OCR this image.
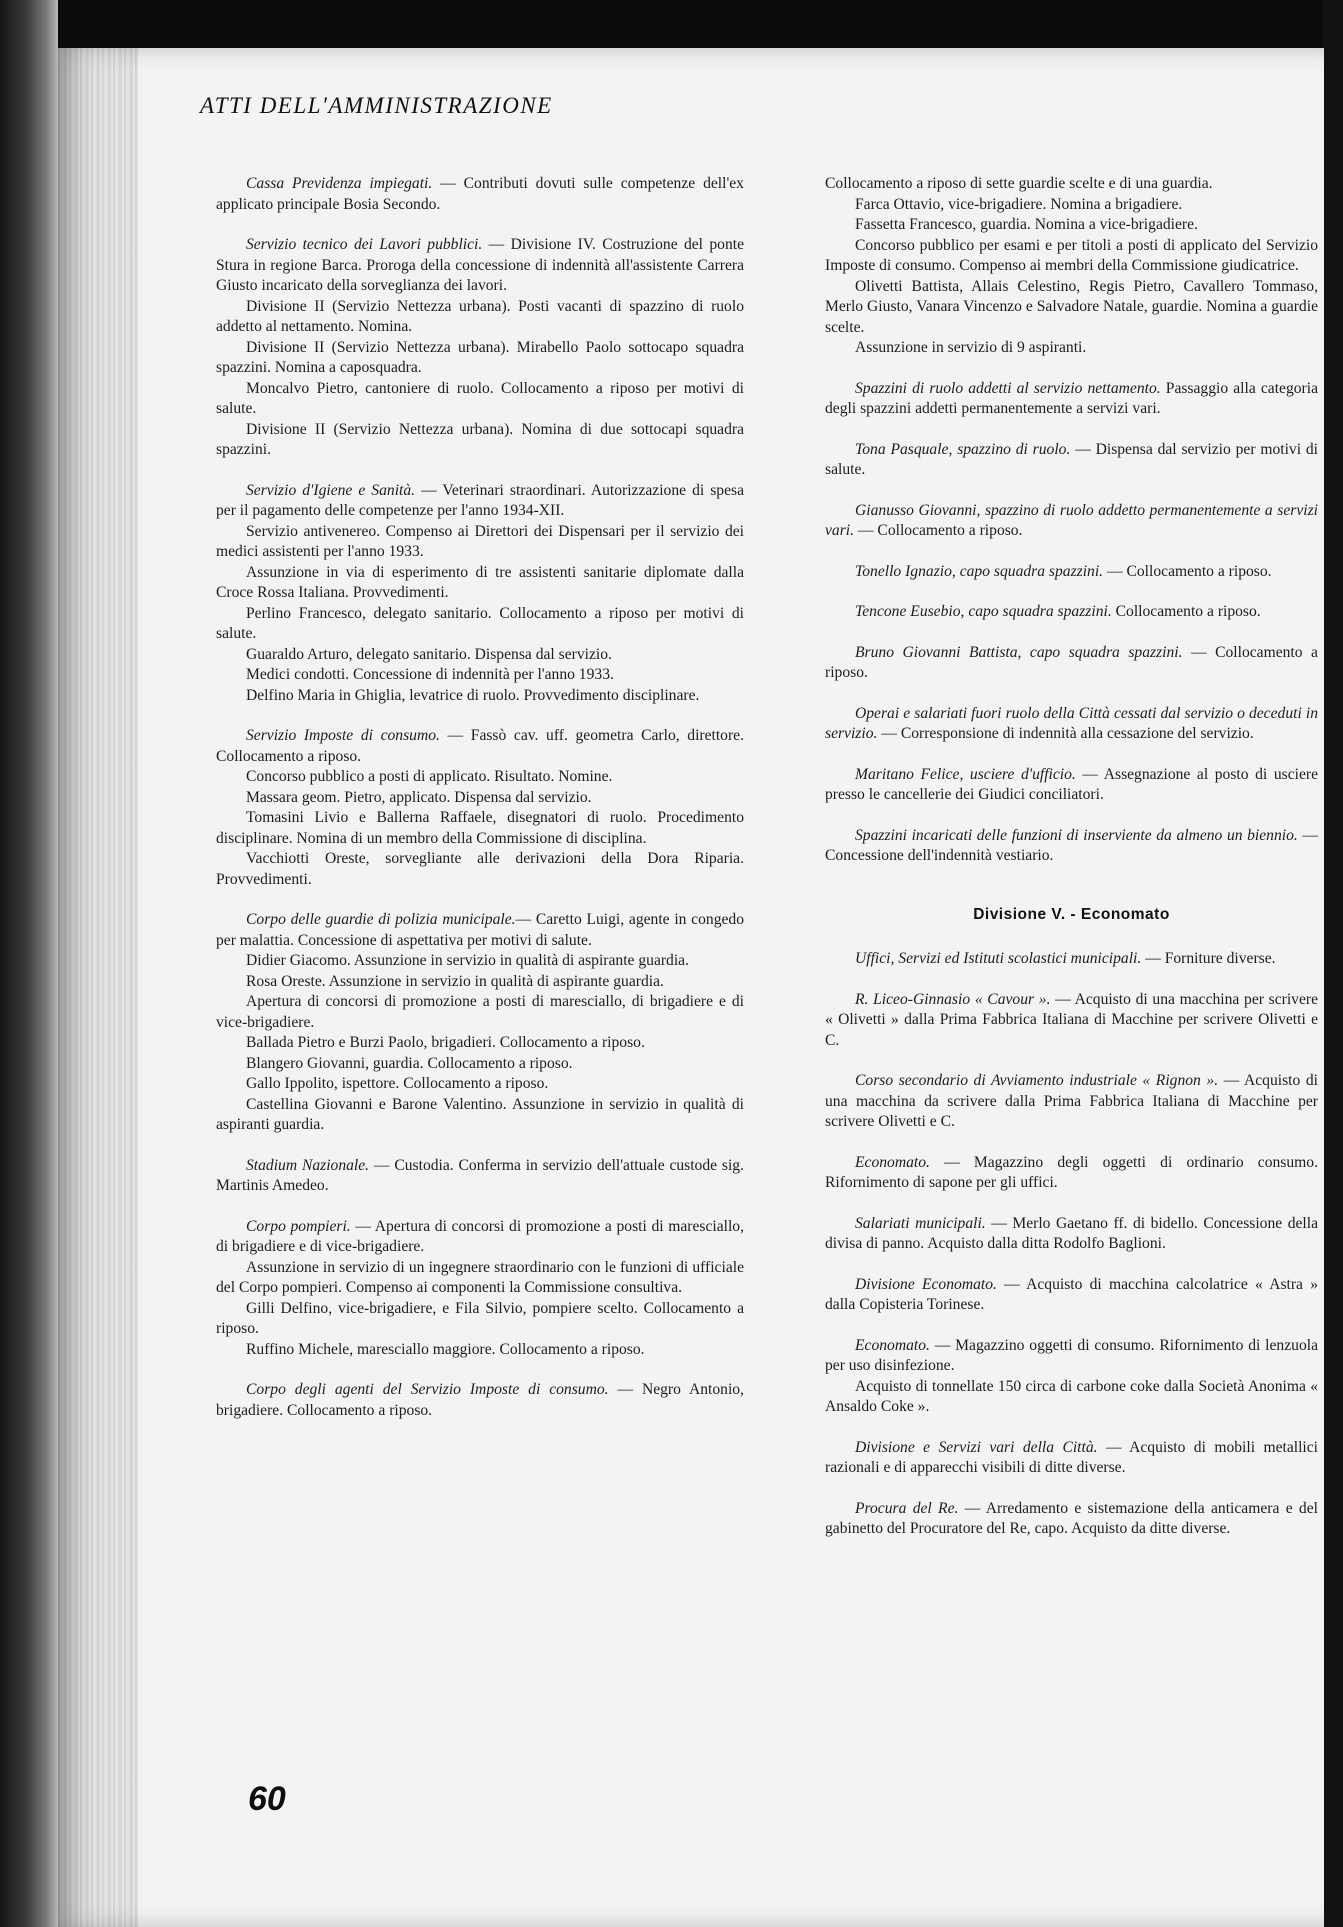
ATTI DELL'AMMINISTRAZIONE

Cassa Previdenza impiegati. — Contributi dovuti sulle competenze dell'ex applicato principale Bosia Secondo.

Servizio tecnico dei Lavori pubblici. — Divisione IV. Costruzione del ponte Stura in regione Barca. Proroga della concessione di indennità all'assistente Carrera Giusto incaricato della sorveglianza dei lavori.

Divisione II (Servizio Nettezza urbana). Posti vacanti di spazzino di ruolo addetto al nettamento. Nomina.

Divisione II (Servizio Nettezza urbana). Mirabello Paolo sottocapo squadra spazzini. Nomina a caposquadra.

Moncalvo Pietro, cantoniere di ruolo. Collocamento a riposo per motivi di salute.

Divisione II (Servizio Nettezza urbana). Nomina di due sottocapi squadra spazzini.

Servizio d'Igiene e Sanità. — Veterinari straordinari. Autorizzazione di spesa per il pagamento delle competenze per l'anno 1934-XII.

Servizio antivenereo. Compenso ai Direttori dei Dispensari per il servizio dei medici assistenti per l'anno 1933.

Assunzione in via di esperimento di tre assistenti sanitarie diplomate dalla Croce Rossa Italiana. Provvedimenti.

Perlino Francesco, delegato sanitario. Collocamento a riposo per motivi di salute.

Guaraldo Arturo, delegato sanitario. Dispensa dal servizio.

Medici condotti. Concessione di indennità per l'anno 1933.

Delfino Maria in Ghiglia, levatrice di ruolo. Provvedimento disciplinare.

Servizio Imposte di consumo. — Fassò cav. uff. geometra Carlo, direttore. Collocamento a riposo.

Concorso pubblico a posti di applicato. Risultato. Nomine.

Massara geom. Pietro, applicato. Dispensa dal servizio.

Tomasini Livio e Ballerna Raffaele, disegnatori di ruolo. Procedimento disciplinare. Nomina di un membro della Commissione di disciplina.

Vacchiotti Oreste, sorvegliante alle derivazioni della Dora Riparia. Provvedimenti.

Corpo delle guardie di polizia municipale.— Caretto Luigi, agente in congedo per malattia. Concessione di aspettativa per motivi di salute.

Didier Giacomo. Assunzione in servizio in qualità di aspirante guardia.

Rosa Oreste. Assunzione in servizio in qualità di aspirante guardia.

Apertura di concorsi di promozione a posti di maresciallo, di brigadiere e di vice-brigadiere.

Ballada Pietro e Burzi Paolo, brigadieri. Collocamento a riposo.

Blangero Giovanni, guardia. Collocamento a riposo.

Gallo Ippolito, ispettore. Collocamento a riposo.

Castellina Giovanni e Barone Valentino. Assunzione in servizio in qualità di aspiranti guardia.

Stadium Nazionale. — Custodia. Conferma in servizio dell'attuale custode sig. Martinis Amedeo.

Corpo pompieri. — Apertura di concorsi di promozione a posti di maresciallo, di brigadiere e di vice-brigadiere.

Assunzione in servizio di un ingegnere straordinario con le funzioni di ufficiale del Corpo pompieri. Compenso ai componenti la Commissione consultiva.

Gilli Delfino, vice-brigadiere, e Fila Silvio, pompiere scelto. Collocamento a riposo.

Ruffino Michele, maresciallo maggiore. Collocamento a riposo.

Corpo degli agenti del Servizio Imposte di consumo. — Negro Antonio, brigadiere. Collocamento a riposo.

Collocamento a riposo di sette guardie scelte e di una guardia.

Farca Ottavio, vice-brigadiere. Nomina a brigadiere.

Fassetta Francesco, guardia. Nomina a vice-brigadiere.

Concorso pubblico per esami e per titoli a posti di applicato del Servizio Imposte di consumo. Compenso ai membri della Commissione giudicatrice.

Olivetti Battista, Allais Celestino, Regis Pietro, Cavallero Tommaso, Merlo Giusto, Vanara Vincenzo e Salvadore Natale, guardie. Nomina a guardie scelte.

Assunzione in servizio di 9 aspiranti.

Spazzini di ruolo addetti al servizio nettamento. Passaggio alla categoria degli spazzini addetti permanentemente a servizi vari.

Tona Pasquale, spazzino di ruolo. — Dispensa dal servizio per motivi di salute.

Gianusso Giovanni, spazzino di ruolo addetto permanentemente a servizi vari. — Collocamento a riposo.

Tonello Ignazio, capo squadra spazzini. — Collocamento a riposo.

Tencone Eusebio, capo squadra spazzini. Collocamento a riposo.

Bruno Giovanni Battista, capo squadra spazzini. — Collocamento a riposo.

Operai e salariati fuori ruolo della Città cessati dal servizio o deceduti in servizio. — Corresponsione di indennità alla cessazione del servizio.

Maritano Felice, usciere d'ufficio. — Assegnazione al posto di usciere presso le cancellerie dei Giudici conciliatori.

Spazzini incaricati delle funzioni di inserviente da almeno un biennio. — Concessione dell'indennità vestiario.

Divisione V. - Economato

Uffici, Servizi ed Istituti scolastici municipali. — Forniture diverse.

R. Liceo-Ginnasio « Cavour ». — Acquisto di una macchina per scrivere « Olivetti » dalla Prima Fabbrica Italiana di Macchine per scrivere Olivetti e C.

Corso secondario di Avviamento industriale « Rignon ». — Acquisto di una macchina da scrivere dalla Prima Fabbrica Italiana di Macchine per scrivere Olivetti e C.

Economato. — Magazzino degli oggetti di ordinario consumo. Rifornimento di sapone per gli uffici.

Salariati municipali. — Merlo Gaetano ff. di bidello. Concessione della divisa di panno. Acquisto dalla ditta Rodolfo Baglioni.

Divisione Economato. — Acquisto di macchina calcolatrice « Astra » dalla Copisteria Torinese.

Economato. — Magazzino oggetti di consumo. Rifornimento di lenzuola per uso disinfezione.

Acquisto di tonnellate 150 circa di carbone coke dalla Società Anonima « Ansaldo Coke ».

Divisione e Servizi vari della Città. — Acquisto di mobili metallici razionali e di apparecchi visibili di ditte diverse.

Procura del Re. — Arredamento e sistemazione della anticamera e del gabinetto del Procuratore del Re, capo. Acquisto da ditte diverse.

60
